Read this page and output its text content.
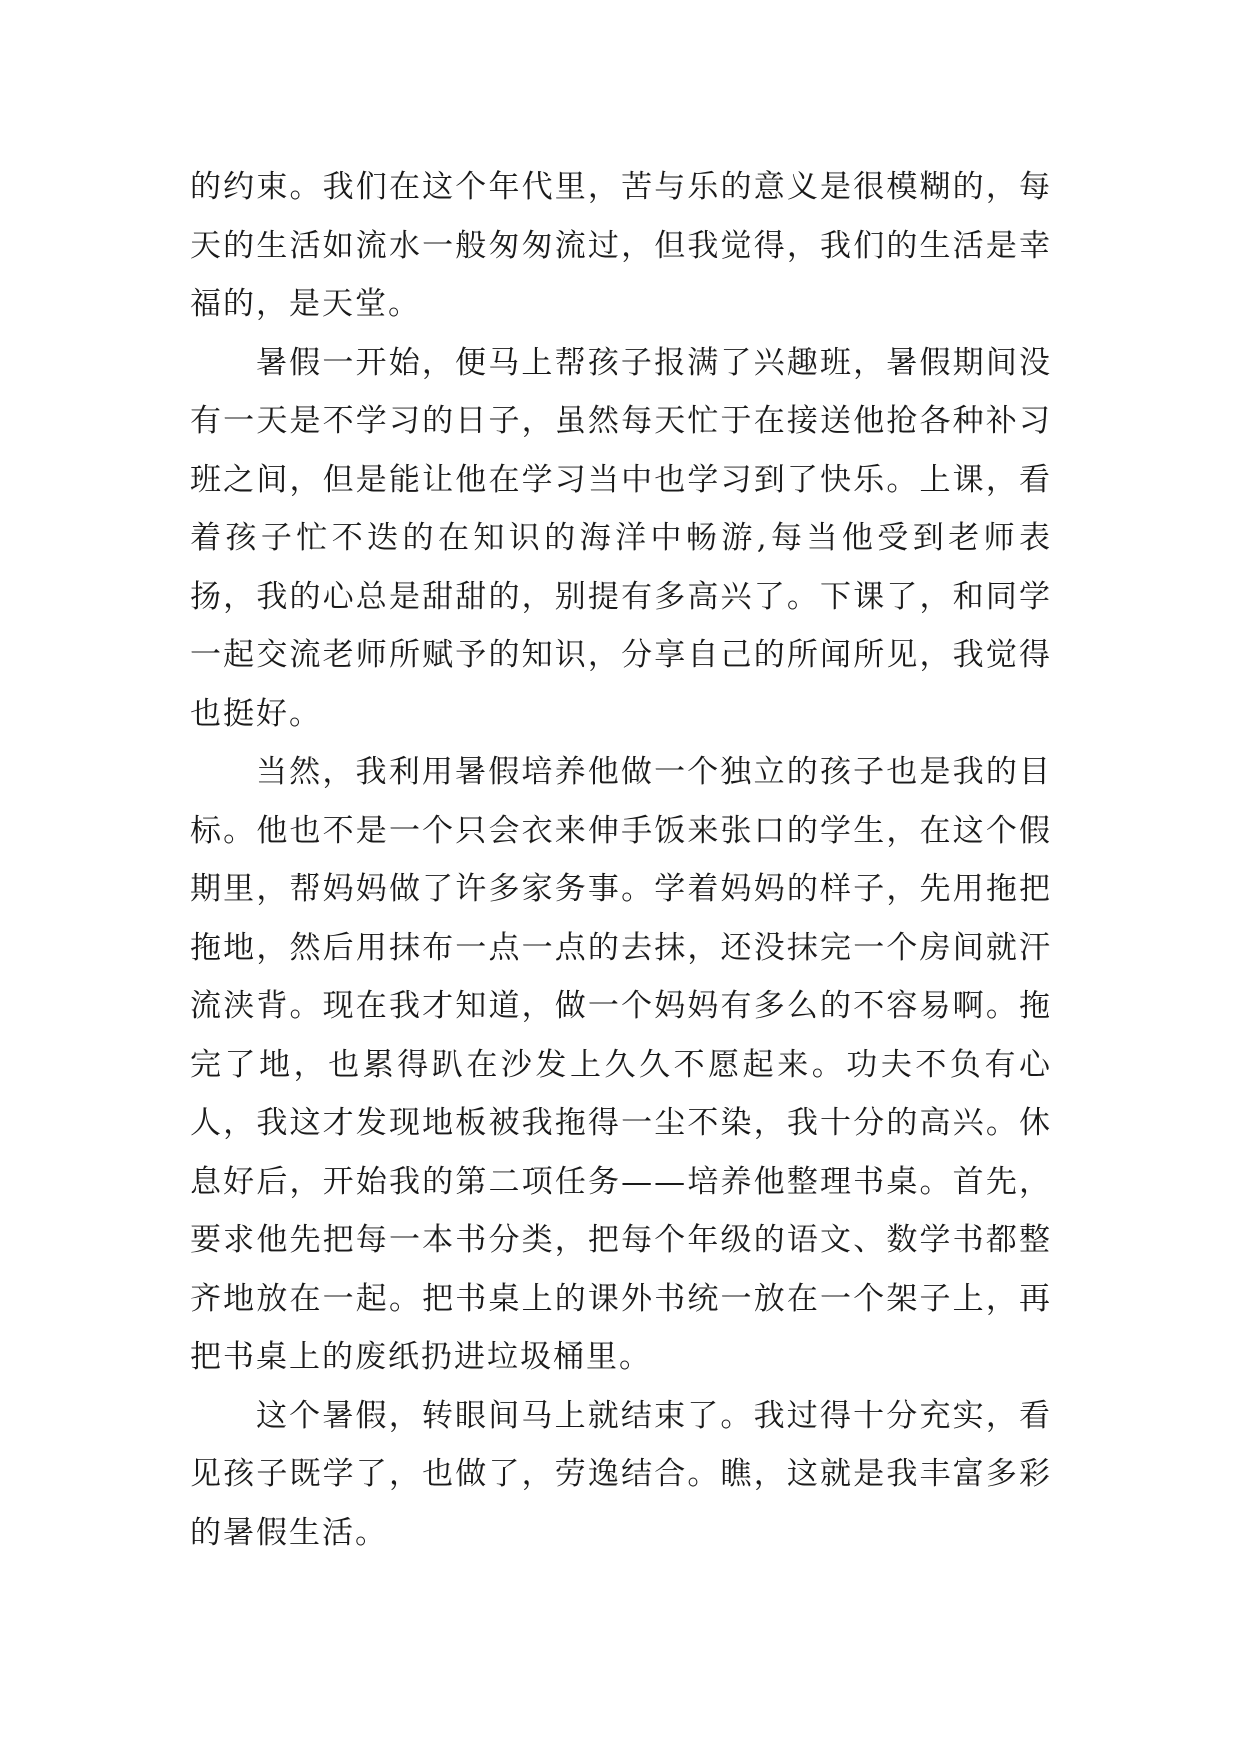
的约束。我们在这个年代里，苦与乐的意义是很模糊的，每天的生活如流水一般匆匆流过，但我觉得，我们的生活是幸福的，是天堂。

暑假一开始，便马上帮孩子报满了兴趣班，暑假期间没有一天是不学习的日子，虽然每天忙于在接送他抢各种补习班之间，但是能让他在学习当中也学习到了快乐。上课，看着孩子忙不迭的在知识的海洋中畅游,每当他受到老师表扬，我的心总是甜甜的，别提有多高兴了。下课了，和同学一起交流老师所赋予的知识，分享自己的所闻所见，我觉得也挺好。

当然，我利用暑假培养他做一个独立的孩子也是我的目标。他也不是一个只会衣来伸手饭来张口的学生，在这个假期里，帮妈妈做了许多家务事。学着妈妈的样子，先用拖把拖地，然后用抹布一点一点的去抹，还没抹完一个房间就汗流浃背。现在我才知道，做一个妈妈有多么的不容易啊。拖完了地，也累得趴在沙发上久久不愿起来。功夫不负有心人，我这才发现地板被我拖得一尘不染，我十分的高兴。休息好后，开始我的第二项任务——培养他整理书桌。首先，要求他先把每一本书分类，把每个年级的语文、数学书都整齐地放在一起。把书桌上的课外书统一放在一个架子上，再把书桌上的废纸扔进垃圾桶里。

这个暑假，转眼间马上就结束了。我过得十分充实，看见孩子既学了，也做了，劳逸结合。瞧，这就是我丰富多彩的暑假生活。
